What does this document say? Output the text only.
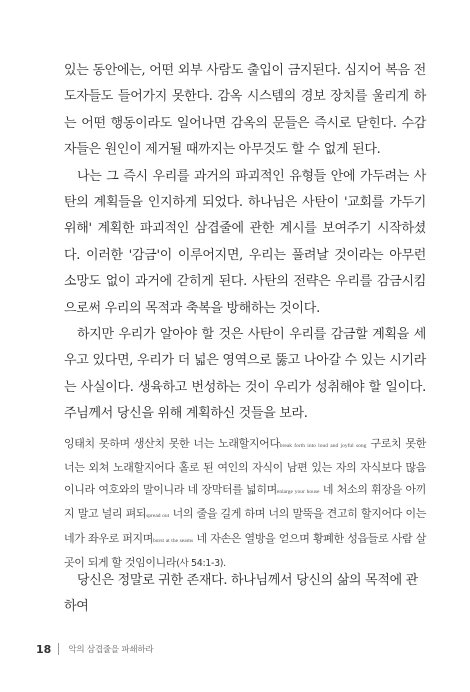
있는 동안에는, 어떤 외부 사람도 출입이 금지된다. 심지어 복음 전도자들도 들어가지 못한다. 감옥 시스템의 경보 장치를 울리게 하는 어떤 행동이라도 일어나면 감옥의 문들은 즉시로 닫힌다. 수감자들은 원인이 제거될 때까지는 아무것도 할 수 없게 된다.

나는 그 즉시 우리를 과거의 파괴적인 유형들 안에 가두려는 사탄의 계획들을 인지하게 되었다. 하나님은 사탄이 '교회를 가두기 위해' 계획한 파괴적인 삼겹줄에 관한 계시를 보여주기 시작하셨다. 이러한 '감금'이 이루어지면, 우리는 풀려날 것이라는 아무런 소망도 없이 과거에 갇히게 된다. 사탄의 전략은 우리를 감금시킴으로써 우리의 목적과 축복을 방해하는 것이다.

하지만 우리가 알아야 할 것은 사탄이 우리를 감금할 계획을 세우고 있다면, 우리가 더 넓은 영역으로 뚫고 나아갈 수 있는 시기라는 사실이다. 생육하고 번성하는 것이 우리가 성취해야 할 일이다. 주님께서 당신을 위해 계획하신 것들을 보라.

잉태치 못하며 생산치 못한 너는 노래할지어다break forth into loud and joyful song 구로치 못한 너는 외쳐 노래할지어다 홀로 된 여인의 자식이 남편 있는 자의 자식보다 많음이니라 여호와의 말이니라 네 장막터를 넓히며enlarge your house 네 처소의 휘장을 아끼지 말고 널리 펴되spread out 너의 줄을 길게 하며 너의 말뚝을 견고히 할지어다 이는 네가 좌우로 퍼지며burst at the seams 네 자손은 열방을 얻으며 황폐한 성읍들로 사람 살 곳이 되게 할 것임이니라(사 54:1-3).

당신은 정말로 귀한 존재다. 하나님께서 당신의 삶의 목적에 관하여

18 악의 삼겹줄을 파쇄하라
